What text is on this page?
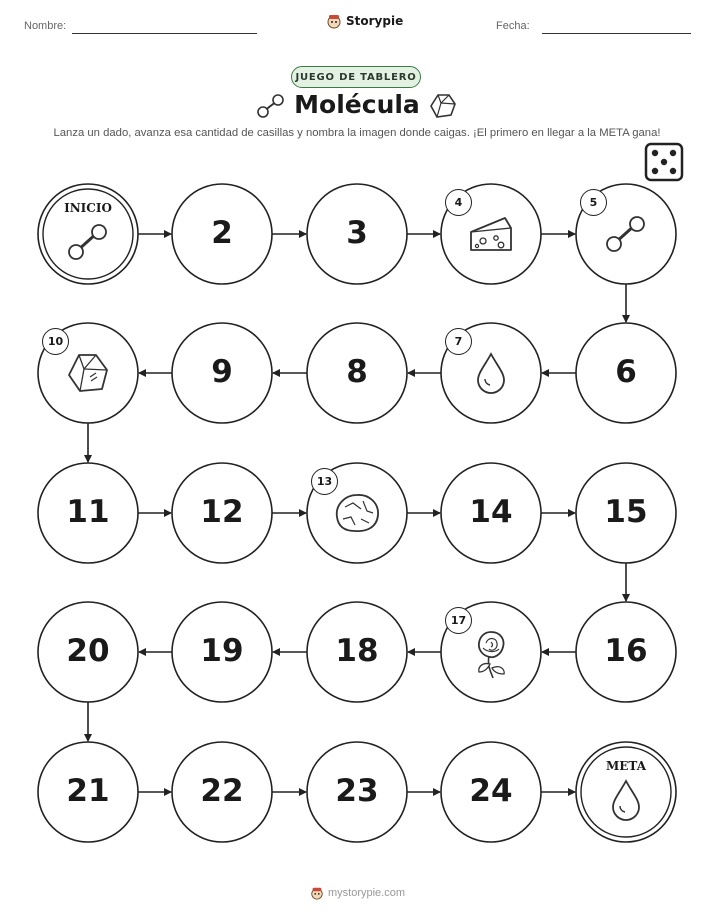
Nombre:	Storypie	Fecha:
JUEGO DE TABLERO
Molécula
Lanza un dado, avanza esa cantidad de casillas y nombra la imagen donde caigas. ¡El primero en llegar a la META gana!
INICIO
2	3
4	5
6
7
8
9
10
11	12
13
14	15
16
17
18
19
20
21	22	23	24
META
mystorypie.com
